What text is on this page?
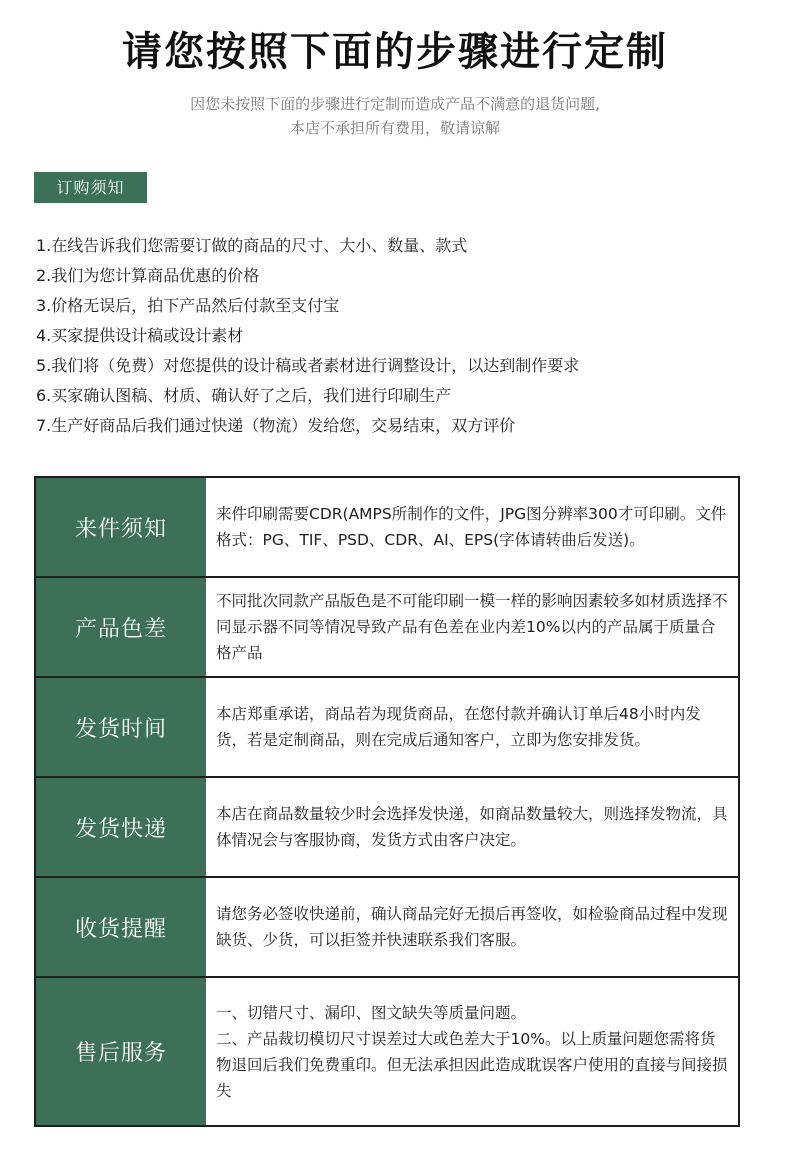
请您按照下面的步骤进行定制
因您未按照下面的步骤进行定制而造成产品不满意的退货问题,
本店不承担所有费用，敬请谅解
订购须知
1.在线告诉我们您需要订做的商品的尺寸、大小、数量、款式
2.我们为您计算商品优惠的价格
3.价格无误后，拍下产品然后付款至支付宝
4.买家提供设计稿或设计素材
5.我们将（免费）对您提供的设计稿或者素材进行调整设计，以达到制作要求
6.买家确认图稿、材质、确认好了之后，我们进行印刷生产
7.生产好商品后我们通过快递（物流）发给您，交易结束，双方评价
来件须知

来件印刷需要CDR(AMPS所制作的文件，JPG图分辨率300才可印刷。文件格式：PG、TIF、PSD、CDR、AI、EPS(字体请转曲后发送)。

产品色差

不同批次同款产品版色是不可能印刷一模一样的影响因素较多如材质选择不同显示器不同等情况导致产品有色差在业内差10%以内的产品属于质量合格产品

发货时间

本店郑重承诺，商品若为现货商品，在您付款并确认订单后48小时内发货，若是定制商品，则在完成后通知客户，立即为您安排发货。

发货快递

本店在商品数量较少时会选择发快递，如商品数量较大，则选择发物流，具体情况会与客服协商，发货方式由客户决定。

收货提醒

请您务必签收快递前，确认商品完好无损后再签收，如检验商品过程中发现缺货、少货，可以拒签并快速联系我们客服。

售后服务

一、切错尺寸、漏印、图文缺失等质量问题。

二、产品裁切模切尺寸误差过大或色差大于10%。以上质量问题您需将货物退回后我们免费重印。但无法承担因此造成耽误客户使用的直接与间接损失
